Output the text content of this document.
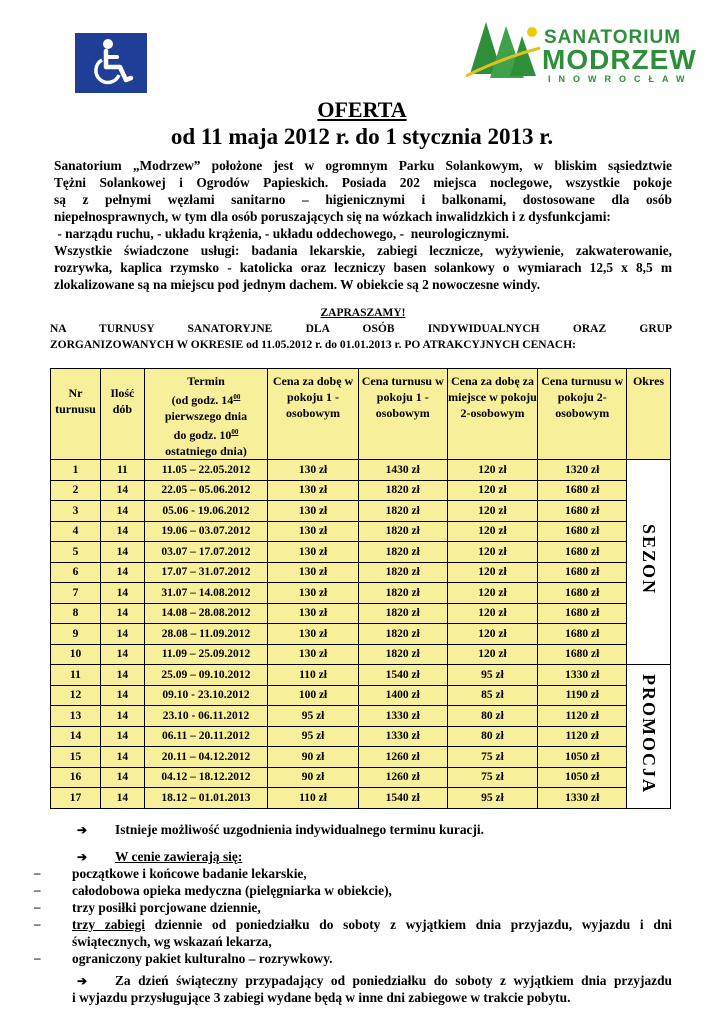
SANATORIUM
MODRZEW
INOWROCŁAW
OFERTA
od 11 maja 2012 r. do 1 stycznia 2013 r.
Sanatorium „Modrzew” położone jest w ogromnym Parku Solankowym, w bliskim sąsiedztwie
Tężni Solankowej i Ogrodów Papieskich. Posiada 202 miejsca noclegowe, wszystkie pokoje
są z pełnymi węzłami sanitarno – higienicznymi i balkonami, dostosowane dla osób
niepełnosprawnych, w tym dla osób poruszających się na wózkach inwalidzkich i z dysfunkcjami:
- narządu ruchu, - układu krążenia, - układu oddechowego, -  neurologicznymi.
Wszystkie świadczone usługi: badania lekarskie, zabiegi lecznicze, wyżywienie, zakwaterowanie,
rozrywka, kaplica rzymsko - katolicka oraz leczniczy basen solankowy o wymiarach 12,5 x 8,5 m
zlokalizowane są na miejscu pod jednym dachem. W obiekcie są 2 nowoczesne windy.
ZAPRASZAMY!
NA TURNUSY SANATORYJNE DLA OSÓB INDYWIDUALNYCH ORAZ GRUP
ZORGANIZOWANYCH W OKRESIE od 11.05.2012 r. do 01.01.2013 r. PO ATRAKCYJNYCH CENACH:
Nr turnusu	Ilość dób	Termin
(od godz. $14^{00}$
pierwszego dnia
do godz. $10^{00}$
ostatniego dnia)	Cena za dobę w pokoju 1 - osobowym	Cena turnusu w pokoju 1 - osobowym	Cena za dobę za miejsce w pokoju 2-osobowym	Cena turnusu w pokoju 2- osobowym	Okres
1	11	11.05 – 22.05.2012	130 zł	1430 zł	120 zł	1320 zł	SEZON
2	14	22.05 – 05.06.2012	130 zł	1820 zł	120 zł	1680 zł	
3	14	05.06 - 19.06.2012	130 zł	1820 zł	120 zł	1680 zł	
4	14	19.06 – 03.07.2012	130 zł	1820 zł	120 zł	1680 zł	
5	14	03.07 – 17.07.2012	130 zł	1820 zł	120 zł	1680 zł	
6	14	17.07 – 31.07.2012	130 zł	1820 zł	120 zł	1680 zł	
7	14	31.07 – 14.08.2012	130 zł	1820 zł	120 zł	1680 zł	
8	14	14.08 – 28.08.2012	130 zł	1820 zł	120 zł	1680 zł	
9	14	28.08 – 11.09.2012	130 zł	1820 zł	120 zł	1680 zł	
10	14	11.09 – 25.09.2012	130 zł	1820 zł	120 zł	1680 zł	
11	14	25.09 – 09.10.2012	110 zł	1540 zł	95 zł	1330 zł	PROMOCJA
12	14	09.10 - 23.10.2012	100 zł	1400 zł	85 zł	1190 zł	
13	14	23.10 - 06.11.2012	95 zł	1330 zł	80 zł	1120 zł	
14	14	06.11 – 20.11.2012	95 zł	1330 zł	80 zł	1120 zł	
15	14	20.11 – 04.12.2012	90 zł	1260 zł	75 zł	1050 zł	
16	14	04.12 – 18.12.2012	90 zł	1260 zł	75 zł	1050 zł	
17	14	18.12 – 01.01.2013	110 zł	1540 zł	95 zł	1330 zł	
➔ Istnieje możliwość uzgodnienia indywidualnego terminu kuracji.
➔ W cenie zawierają się:
– początkowe i końcowe badanie lekarskie,
– całodobowa opieka medyczna (pielęgniarka w obiekcie),
– trzy posiłki porcjowane dziennie,
– trzy zabiegi dziennie od poniedziałku do soboty z wyjątkiem dnia przyjazdu, wyjazdu i dni
świątecznych, wg wskazań lekarza,
– ograniczony pakiet kulturalno – rozrywkowy.
➔ Za dzień świąteczny przypadający od poniedziałku do soboty z wyjątkiem dnia przyjazdu
i wyjazdu przysługujące 3 zabiegi wydane będą w inne dni zabiegowe w trakcie pobytu.
